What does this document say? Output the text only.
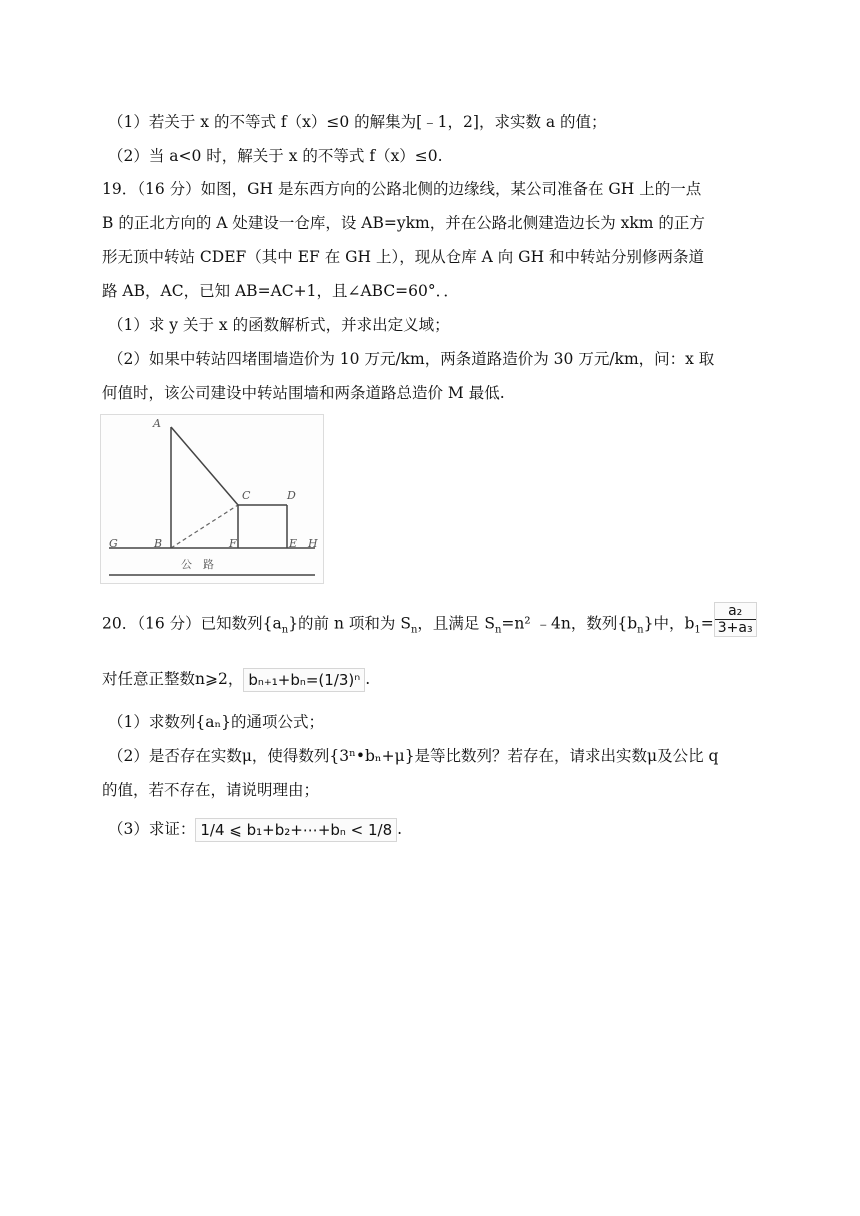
（1）若关于 x 的不等式 f（x）≤0 的解集为[﹣1，2]，求实数 a 的值；
（2）当 a<0 时，解关于 x 的不等式 f（x）≤0.
19．（16 分）如图，GH 是东西方向的公路北侧的边缘线，某公司准备在 GH 上的一点
B 的正北方向的 A 处建设一仓库，设 AB=ykm，并在公路北侧建造边长为 xkm 的正方
形无顶中转站 CDEF（其中 EF 在 GH 上），现从仓库 A 向 GH 和中转站分别修两条道
路 AB，AC，已知 AB=AC+1，且∠ABC=60°．．
（1）求 y 关于 x 的函数解析式，并求出定义域；
（2）如果中转站四堵围墙造价为 10 万元/km，两条道路造价为 30 万元/km，问：x 取
何值时，该公司建设中转站围墙和两条道路总造价 M 最低.
A
B
C	D
E
F
G	H
公　路
20．（16 分）已知数列$\{a_n\}$的前 n 项和为 $S_n$，且满足 $S_n=n^2$ ﹣4n，数列$\{b_n\}$中，$b_1= \frac{\text{a₂}}{\text{3+a₃}}$
对任意正整数n⩾2， bₙ₊₁+bₙ=(1/3)ⁿ .
（1）求数列{aₙ}的通项公式；
（2）是否存在实数μ，使得数列{3ⁿ•bₙ+μ}是等比数列？若存在，请求出实数μ及公比 q
的值，若不存在，请说明理由；
（3）求证： 1/4 ⩽ b₁+b₂+⋯+bₙ < 1/8 .
